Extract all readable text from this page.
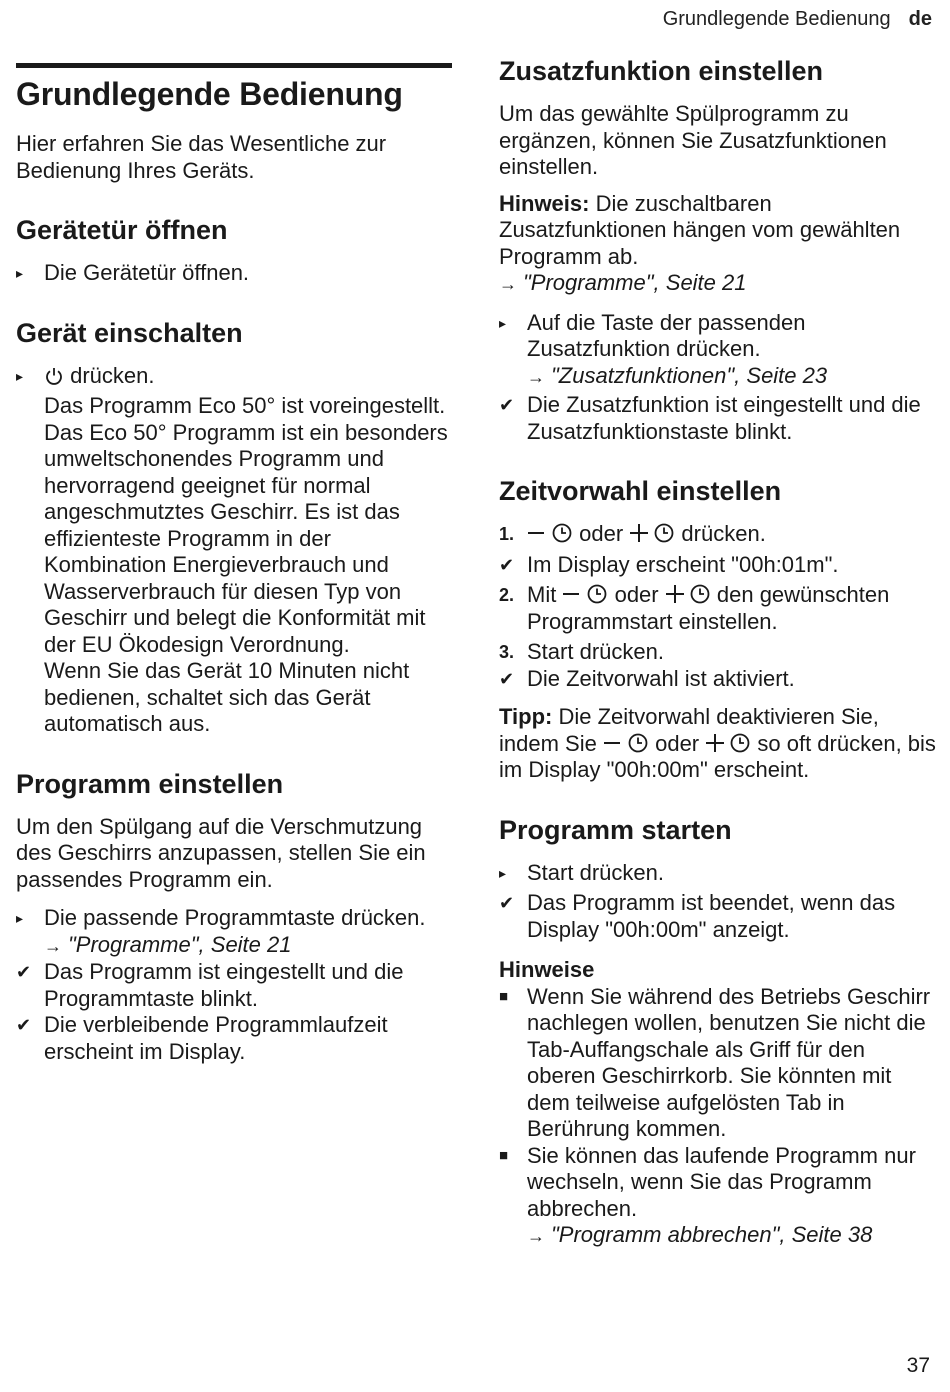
Grundlegende Bedienung de
Grundlegende Bedienung

Hier erfahren Sie das Wesentliche zur Bedienung Ihres Geräts.

Gerätetür öffnen
▸ Die Gerätetür öffnen.
Gerät einschalten
▸	drücken.

Das Programm Eco 50° ist voreingestellt.

Das Eco 50° Programm ist ein besonders umweltschonendes Programm und hervorragend geeignet für normal angeschmutztes Geschirr. Es ist das effizienteste Programm in der Kombination Energieverbrauch und Wasserverbrauch für diesen Typ von Geschirr und belegt die Konformität mit der EU Ökodesign Verordnung.

Wenn Sie das Gerät 10 Minuten nicht bedienen, schaltet sich das Gerät automatisch aus.

Programm einstellen

Um den Spülgang auf die Verschmutzung des Geschirrs anzupassen, stellen Sie ein passendes Programm ein.

▸ Die passende Programmtaste drücken.
→ "Programme", Seite 21
✔ Das Programm ist eingestellt und die Programmtaste blinkt.
✔ Die verbleibende Programmlaufzeit erscheint im Display.
Zusatzfunktion einstellen

Um das gewählte Spülprogramm zu ergänzen, können Sie Zusatzfunktionen einstellen.

Hinweis: Die zuschaltbaren Zusatzfunktionen hängen vom gewählten Programm ab.

→ "Programme", Seite 21
▸ Auf die Taste der passenden Zusatzfunktion drücken.
→ "Zusatzfunktionen", Seite 23
✔ Die Zusatzfunktion ist eingestellt und die Zusatzfunktionstaste blinkt.
Zeitvorwahl einstellen
1.	oder	drücken.
✔ Im Display erscheint "00h:01m".
2. Mit	oder	den gewünschten Programmstart einstellen.
3. Start drücken.
✔ Die Zeitvorwahl ist aktiviert.

Tipp: Die Zeitvorwahl deaktivieren Sie, indem Sie	oder	so oft drücken, bis im Display "00h:00m" erscheint.

Programm starten
▸ Start drücken.
✔ Das Programm ist beendet, wenn das Display "00h:00m" anzeigt.

Hinweise

■ Wenn Sie während des Betriebs Geschirr nachlegen wollen, benutzen Sie nicht die Tab-Auffangschale als Griff für den oberen Geschirrkorb. Sie könnten mit dem teilweise aufgelösten Tab in Berührung kommen.
■ Sie können das laufende Programm nur wechseln, wenn Sie das Programm abbrechen.
→ "Programm abbrechen", Seite 38
37
